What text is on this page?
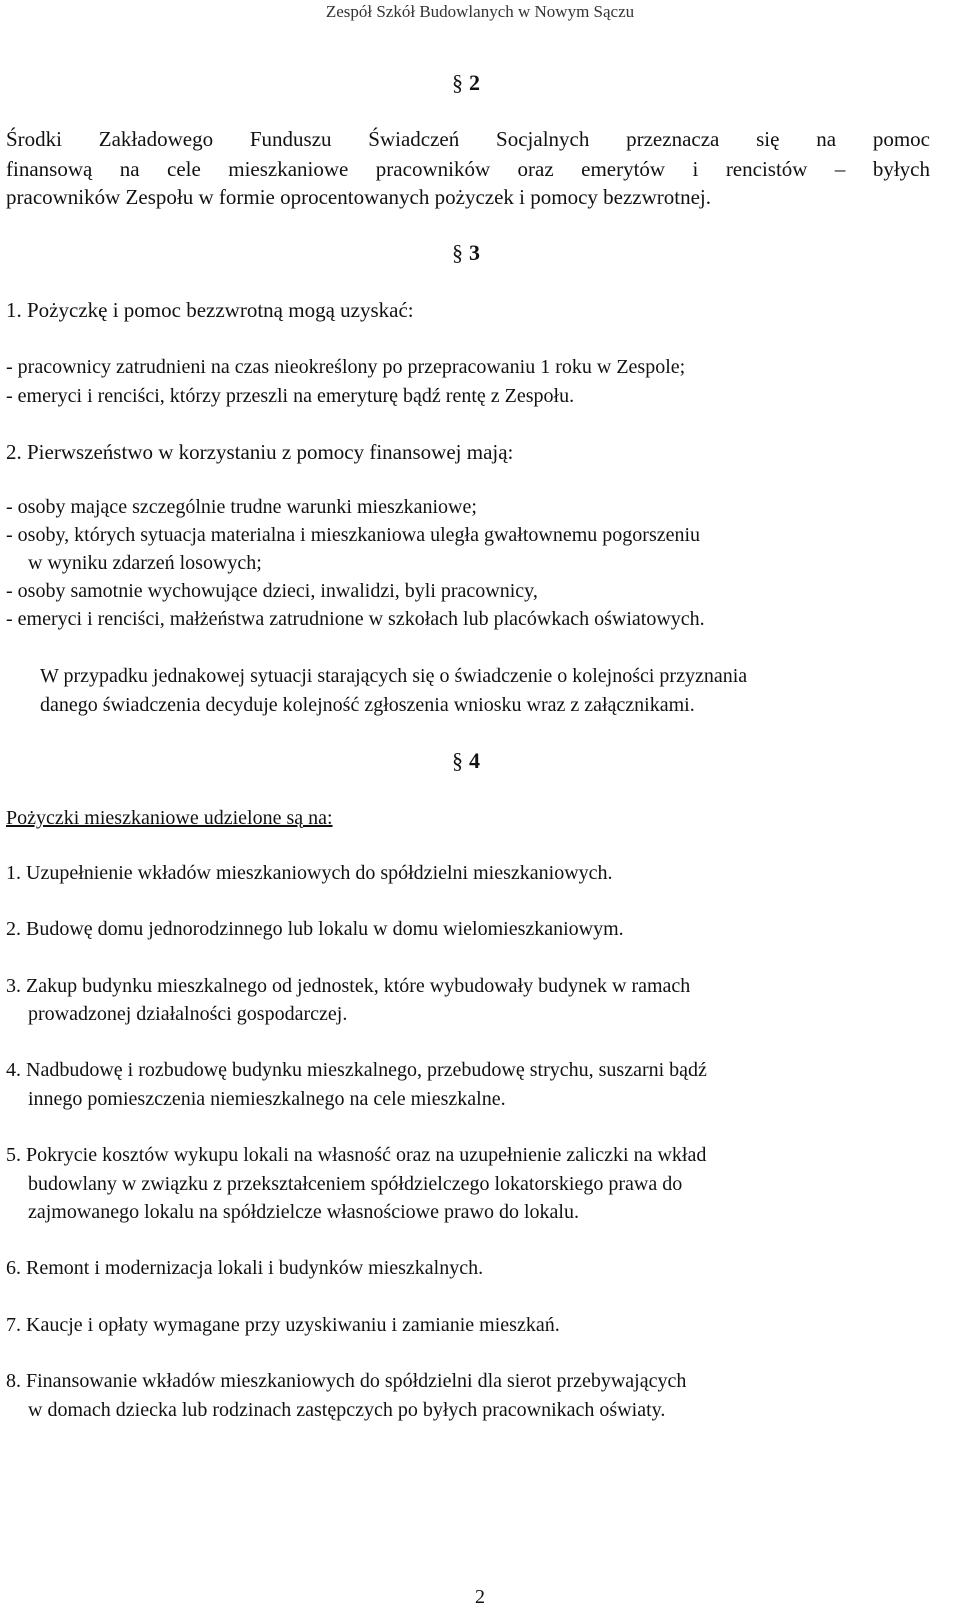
Zespół Szkół Budowlanych w Nowym Sączu
§ 2
Środki Zakładowego Funduszu Świadczeń Socjalnych przeznacza się na pomoc
finansową na cele mieszkaniowe pracowników oraz emerytów i rencistów – byłych
pracowników Zespołu w formie oprocentowanych pożyczek i pomocy bezzwrotnej.
§ 3
1. Pożyczkę i pomoc bezzwrotną mogą uzyskać:
- pracownicy zatrudnieni na czas nieokreślony po przepracowaniu 1 roku w Zespole;
- emeryci i renciści, którzy przeszli na emeryturę bądź rentę z Zespołu.
2. Pierwszeństwo w korzystaniu z pomocy finansowej mają:
- osoby mające szczególnie trudne warunki mieszkaniowe;
- osoby, których sytuacja materialna i mieszkaniowa uległa gwałtownemu pogorszeniu
w wyniku zdarzeń losowych;
- osoby samotnie wychowujące dzieci, inwalidzi, byli pracownicy,
- emeryci i renciści, małżeństwa zatrudnione w szkołach lub placówkach oświatowych.
W przypadku jednakowej sytuacji starających się o świadczenie o kolejności przyznania
danego świadczenia decyduje kolejność zgłoszenia wniosku wraz z załącznikami.
§ 4
Pożyczki mieszkaniowe udzielone są na:
1. Uzupełnienie wkładów mieszkaniowych do spółdzielni mieszkaniowych.
2. Budowę domu jednorodzinnego lub lokalu w domu wielomieszkaniowym.
3. Zakup budynku mieszkalnego od jednostek, które wybudowały budynek w ramach
prowadzonej działalności gospodarczej.
4. Nadbudowę i rozbudowę budynku mieszkalnego, przebudowę strychu, suszarni bądź
innego pomieszczenia niemieszkalnego na cele mieszkalne.
5. Pokrycie kosztów wykupu lokali na własność oraz na uzupełnienie zaliczki na wkład
budowlany w związku z przekształceniem spółdzielczego lokatorskiego prawa do
zajmowanego lokalu na spółdzielcze własnościowe prawo do lokalu.
6. Remont i modernizacja lokali i budynków mieszkalnych.
7. Kaucje i opłaty wymagane przy uzyskiwaniu i zamianie mieszkań.
8. Finansowanie wkładów mieszkaniowych do spółdzielni dla sierot przebywających
w domach dziecka lub rodzinach zastępczych po byłych pracownikach oświaty.
2
